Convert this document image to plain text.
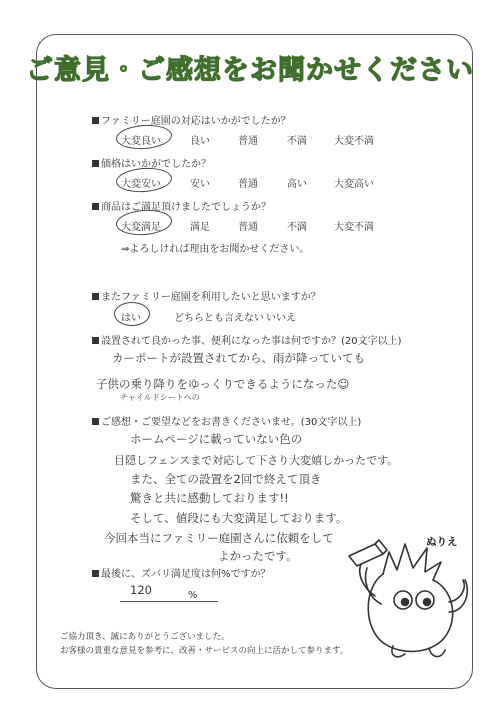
ご意見・ご感想をお聞かせください
ファミリー庭園の対応はいかがでしたか？
大変良い	良い	普通	不満	大変不満
価格はいかがでしたか？
大変安い	安い	普通	高い	大変高い
商品はご満足頂けましたでしょうか？
大変満足	満足	普通	不満	大変不満
⇒よろしければ理由をお聞かせください。
またファミリー庭園を利用したいと思いますか？
はい	どちらとも言えない いいえ
設置されて良かった事、便利になった事は何ですか？(20文字以上)
カーポートが設置されてから、雨が降っていても
子供の乗り降りをゆっくりできるようになった☺
チャイルドシートへの
ご感想・ご要望などをお書きくださいませ。(30文字以上)
ホームページに載っていない色の
目隠しフェンスまで対応して下さり大変嬉しかったです。
また、全ての設置を2回で終えて頂き
驚きと共に感動しております!!
そして、値段にも大変満足しております。
今回本当にファミリー庭園さんに依頼をして
よかったです。
最後に、ズバリ満足度は何%ですか？
120	%
ご協力頂き、誠にありがとうございました。
お客様の貴重な意見を参考に、改善・サービスの向上に活かして参ります。
ぬりえ
